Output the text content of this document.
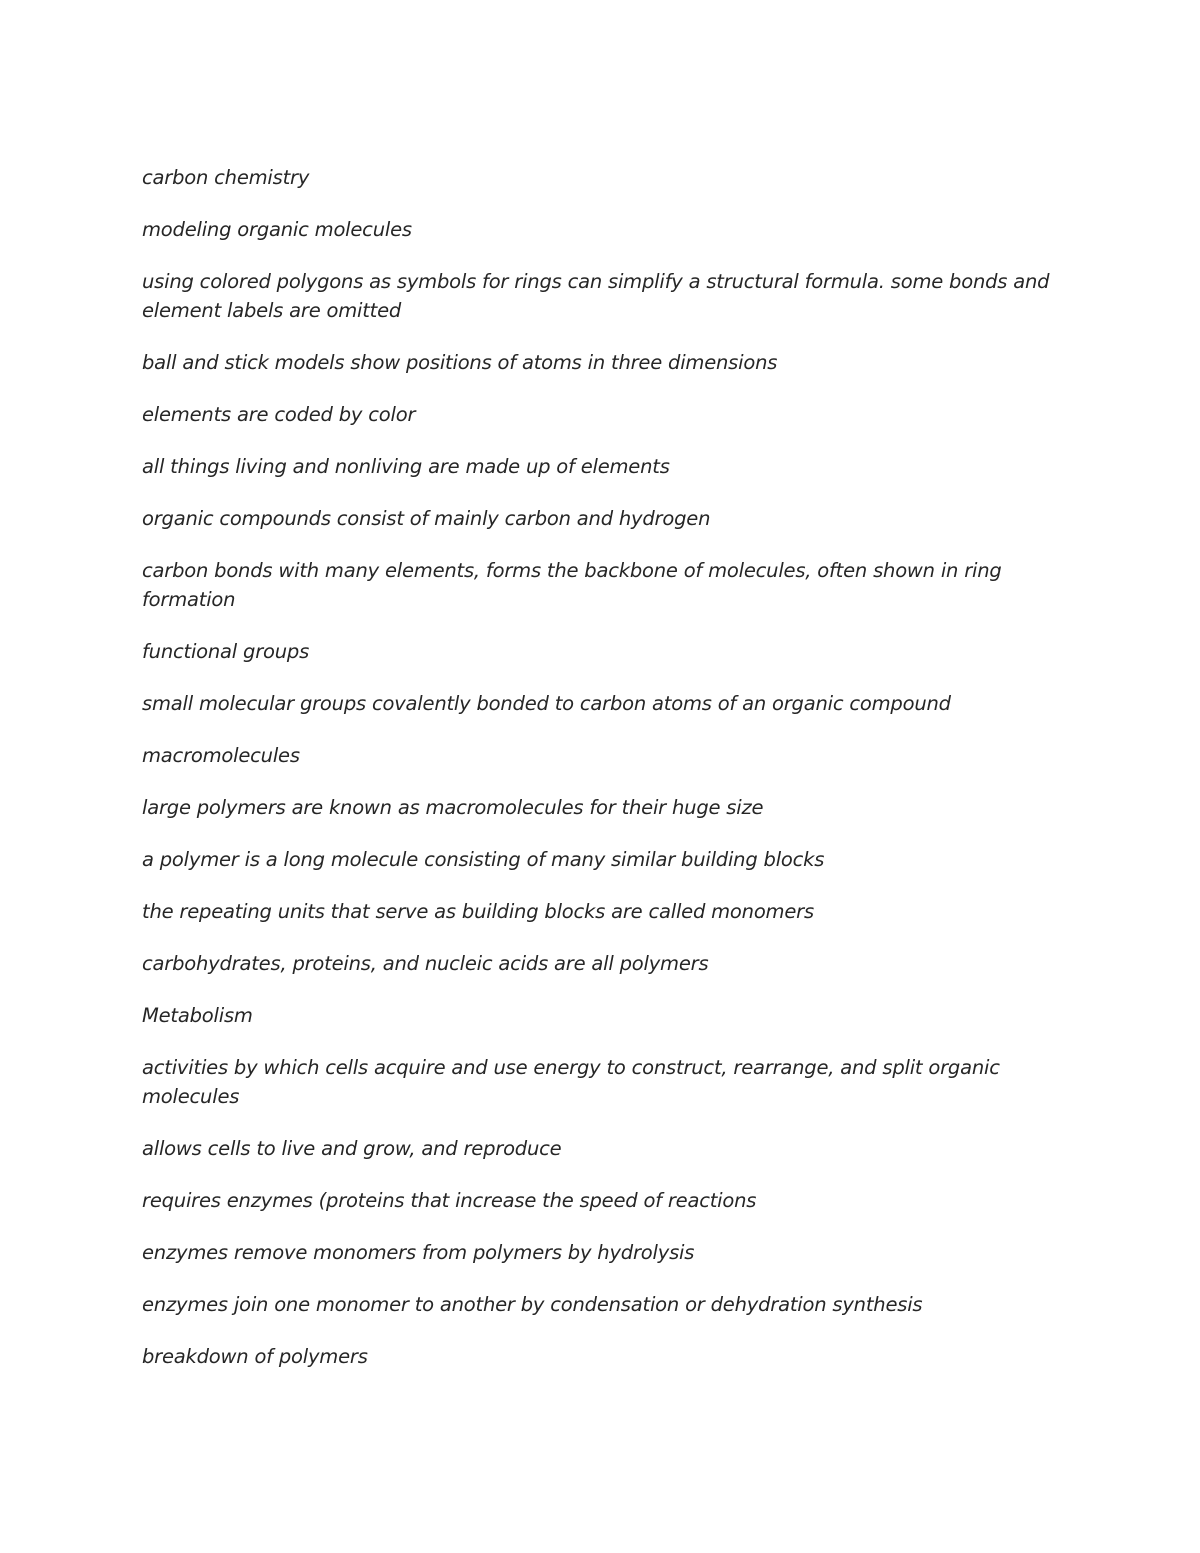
carbon chemistry

modeling organic molecules

using colored polygons as symbols for rings can simplify a structural formula. some bonds and element labels are omitted

ball and stick models show positions of atoms in three dimensions

elements are coded by color

all things living and nonliving are made up of elements

organic compounds consist of mainly carbon and hydrogen

carbon bonds with many elements, forms the backbone of molecules, often shown in ring formation

functional groups

small molecular groups covalently bonded to carbon atoms of an organic compound

macromolecules

large polymers are known as macromolecules for their huge size

a polymer is a long molecule consisting of many similar building blocks

the repeating units that serve as building blocks are called monomers

carbohydrates, proteins, and nucleic acids are all polymers

Metabolism

activities by which cells acquire and use energy to construct, rearrange, and split organic molecules

allows cells to live and grow, and reproduce

requires enzymes (proteins that increase the speed of reactions

enzymes remove monomers from polymers by hydrolysis

enzymes join one monomer to another by condensation or dehydration synthesis

breakdown of polymers
